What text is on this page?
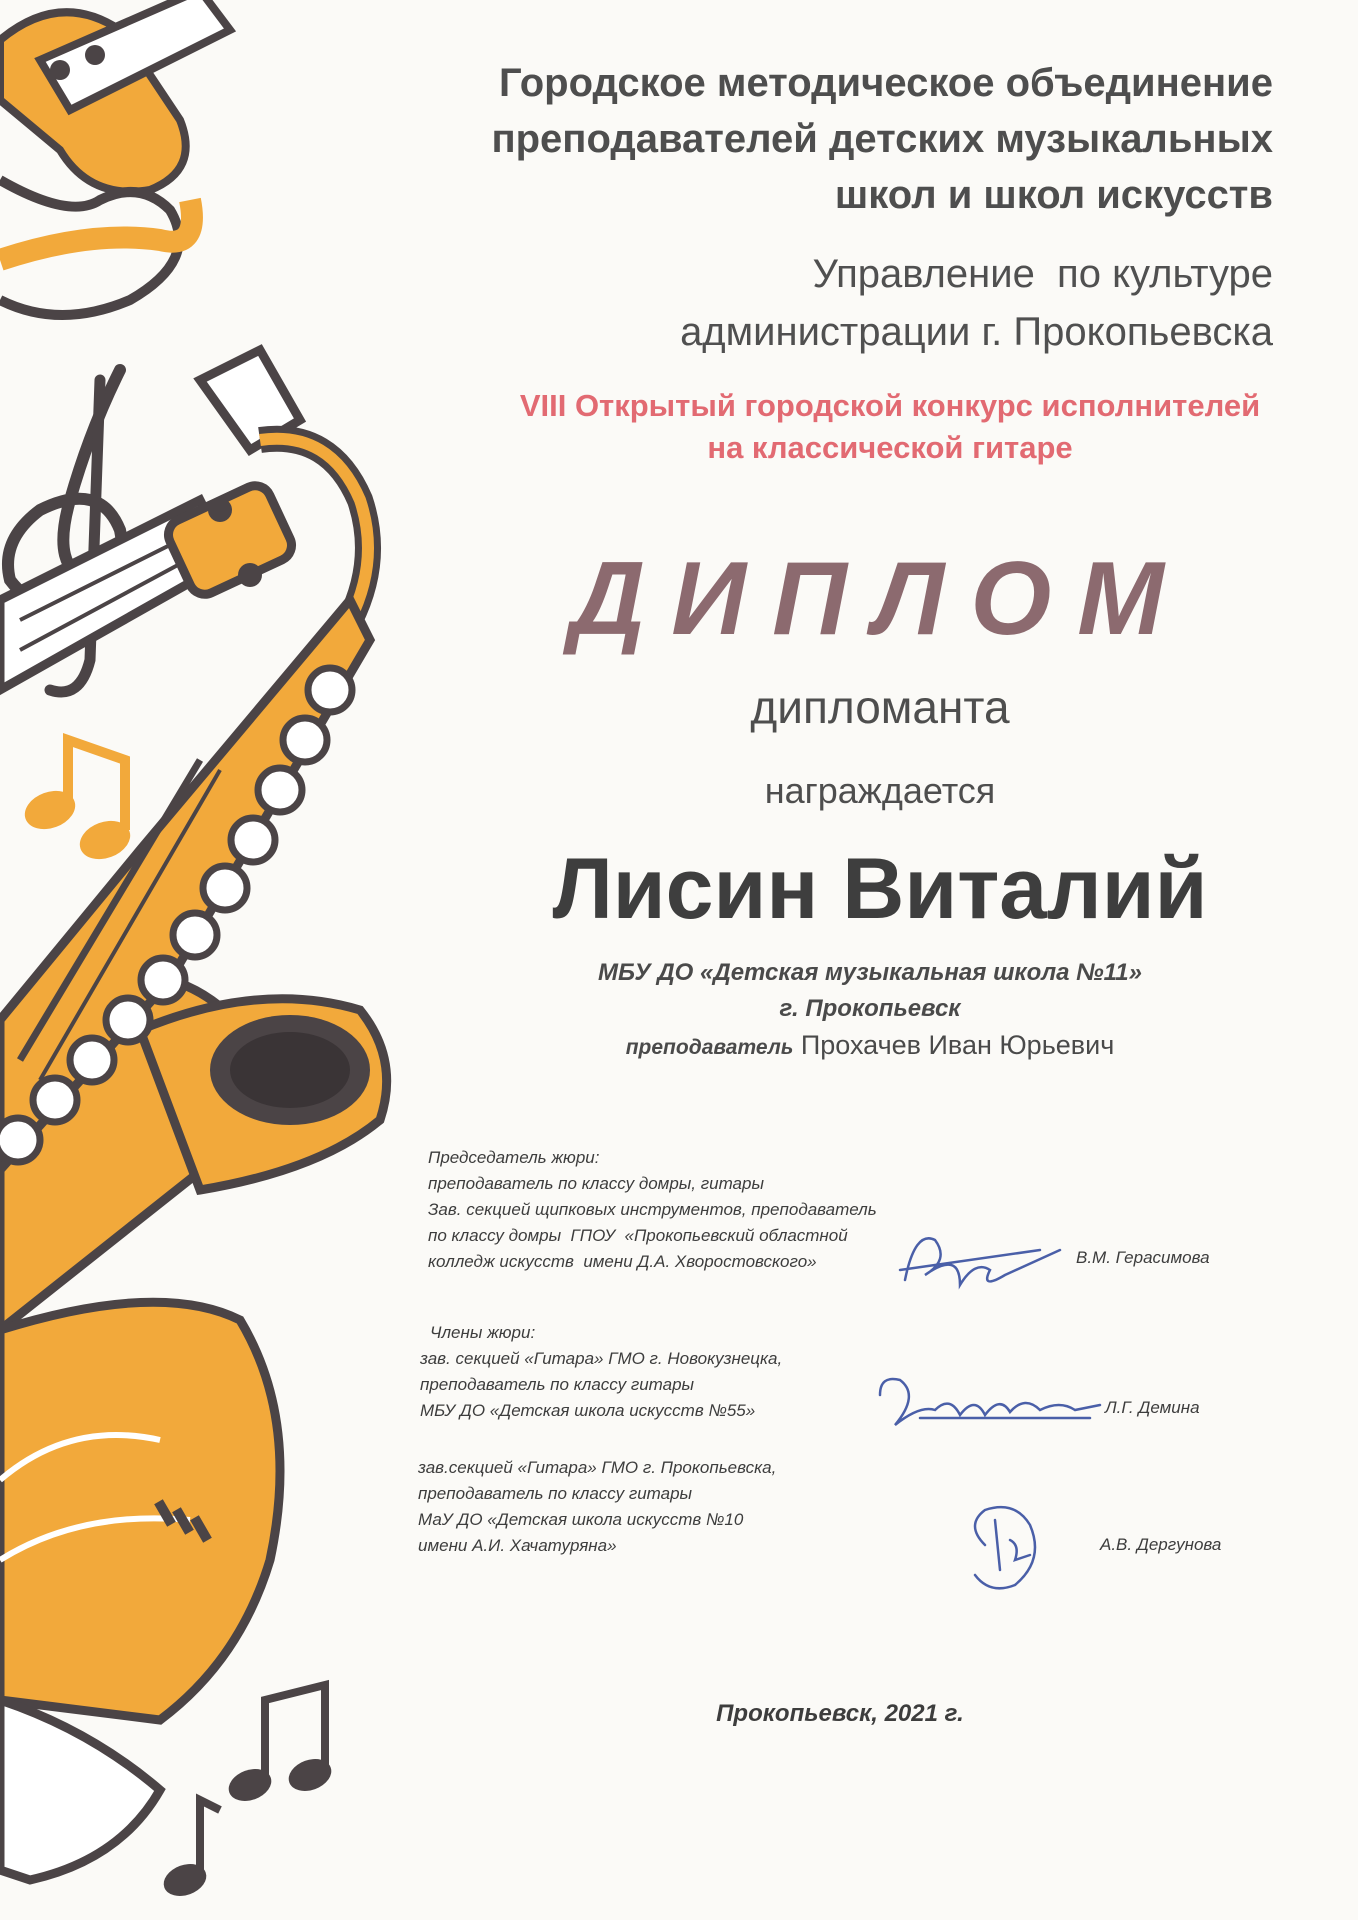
Городское методическое объединение
преподавателей детских музыкальных
школ и школ искусств
Управление  по культуре
администрации г. Прокопьевска
VIII Открытый городской конкурс исполнителей
на классической гитаре
ДИПЛОМ
дипломанта
награждается
Лисин Виталий
МБУ ДО «Детская музыкальная школа №11»
г. Прокопьевск
преподаватель Прохачев Иван Юрьевич
Председатель жюри:
преподаватель по классу домры, гитары
Зав. секцией щипковых инструментов, преподаватель
по классу домры  ГПОУ  «Прокопьевский областной
колледж искусств  имени Д.А. Хворостовского»
Члены жюри:
зав. секцией «Гитара» ГМО г. Новокузнецка,
преподаватель по классу гитары
МБУ ДО «Детская школа искусств №55»
зав.секцией «Гитара» ГМО г. Прокопьевска,
преподаватель по классу гитары
МаУ ДО «Детская школа искусств №10
имени А.И. Хачатуряна»
В.М. Герасимова
Л.Г. Демина
А.В. Дергунова
Прокопьевск, 2021 г.
